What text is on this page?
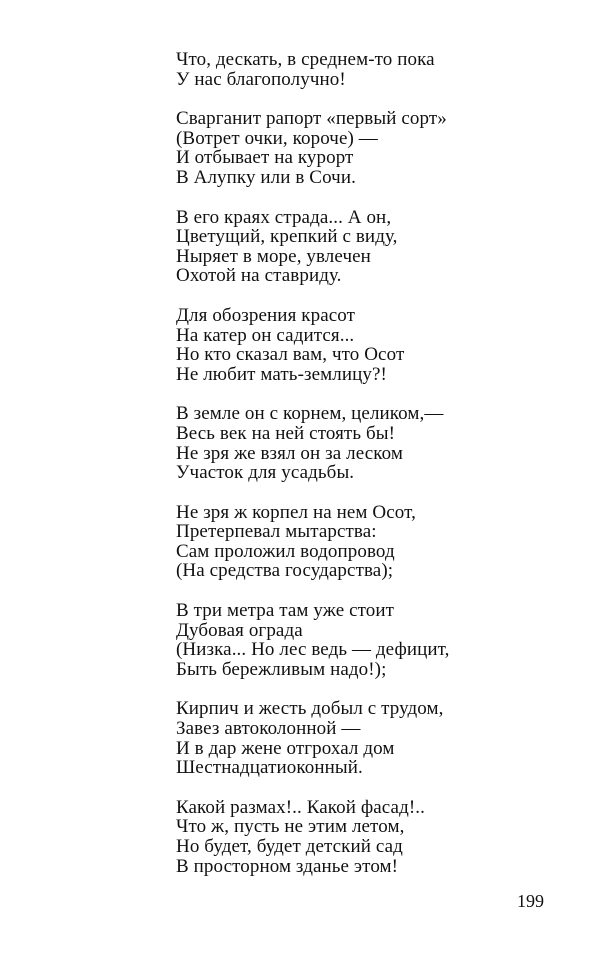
Что, дескать, в среднем-то пока
У нас благополучно!
Сварганит рапорт «первый сорт»
(Вотрет очки, короче) —
И отбывает на курорт
В Алупку или в Сочи.
В его краях страда... А он,
Цветущий, крепкий с виду,
Ныряет в море, увлечен
Охотой на ставриду.
Для обозрения красот
На катер он садится...
Но кто сказал вам, что Осот
Не любит мать-землицу?!
В земле он с корнем, целиком,—
Весь век на ней стоять бы!
Не зря же взял он за леском
Участок для усадьбы.
Не зря ж корпел на нем Осот,
Претерпевал мытарства:
Сам проложил водопровод
(На средства государства);
В три метра там уже стоит
Дубовая ограда
(Низка... Но лес ведь — дефицит,
Быть бережливым надо!);
Кирпич и жесть добыл с трудом,
Завез автоколонной —
И в дар жене отгрохал дом
Шестнадцатиоконный.
Какой размах!.. Какой фасад!..
Что ж, пусть не этим летом,
Но будет, будет детский сад
В просторном зданье этом!
199
